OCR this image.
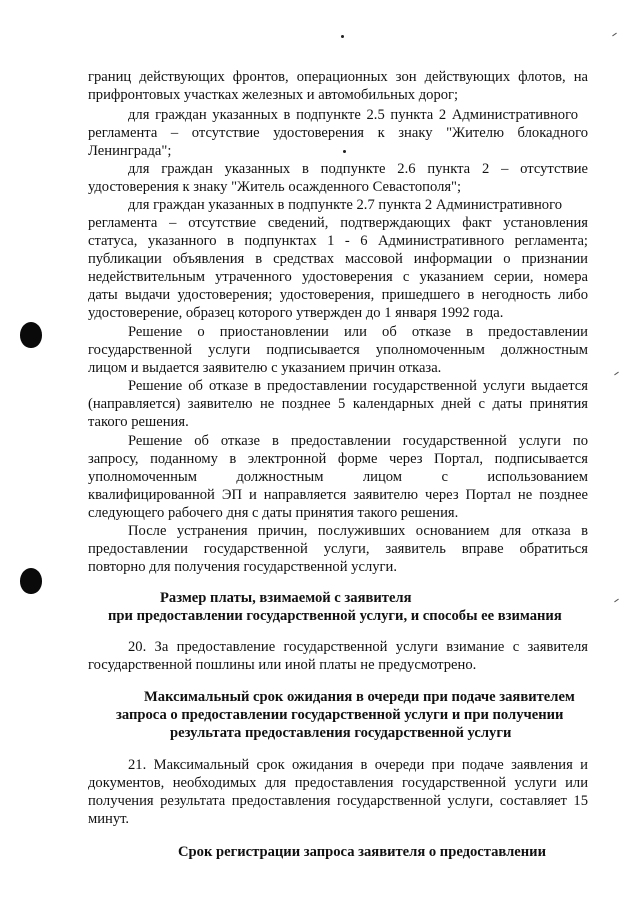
границ действующих фронтов, операционных зон действующих флотов, на
прифронтовых участках железных и автомобильных дорог;
для граждан указанных в подпункте 2.5 пункта 2 Административного
регламента – отсутствие удостоверения к знаку "Жителю блокадного
Ленинграда";
для граждан указанных в подпункте 2.6 пункта 2 – отсутствие
удостоверения к знаку "Житель осажденного Севастополя";
для граждан указанных в подпункте 2.7 пункта 2 Административного
регламента – отсутствие сведений, подтверждающих факт установления
статуса, указанного в подпунктах 1 - 6 Административного регламента;
публикации объявления в средствах массовой информации о признании
недействительным утраченного удостоверения с указанием серии, номера
даты выдачи удостоверения; удостоверения, пришедшего в негодность либо
удостоверение, образец которого утвержден до 1 января 1992 года.
Решение о приостановлении или об отказе в предоставлении
государственной услуги подписывается уполномоченным должностным
лицом и выдается заявителю с указанием причин отказа.
Решение об отказе в предоставлении государственной услуги выдается
(направляется) заявителю не позднее 5 календарных дней с даты принятия
такого решения.
Решение об отказе в предоставлении государственной услуги по
запросу, поданному в электронной форме через Портал, подписывается
уполномоченным должностным лицом с использованием
квалифицированной ЭП и направляется заявителю через Портал не позднее
следующего рабочего дня с даты принятия такого решения.
После устранения причин, послуживших основанием для отказа в
предоставлении государственной услуги, заявитель вправе обратиться
повторно для получения государственной услуги.
Размер платы, взимаемой с заявителя
при предоставлении государственной услуги, и способы ее взимания
20. За предоставление государственной услуги взимание с заявителя
государственной пошлины или иной платы не предусмотрено.
Максимальный срок ожидания в очереди при подаче заявителем
запроса о предоставлении государственной услуги и при получении
результата предоставления государственной услуги
21. Максимальный срок ожидания в очереди при подаче заявления и
документов, необходимых для предоставления государственной услуги или
получения результата предоставления государственной услуги, составляет 15
минут.
Срок регистрации запроса заявителя о предоставлении
